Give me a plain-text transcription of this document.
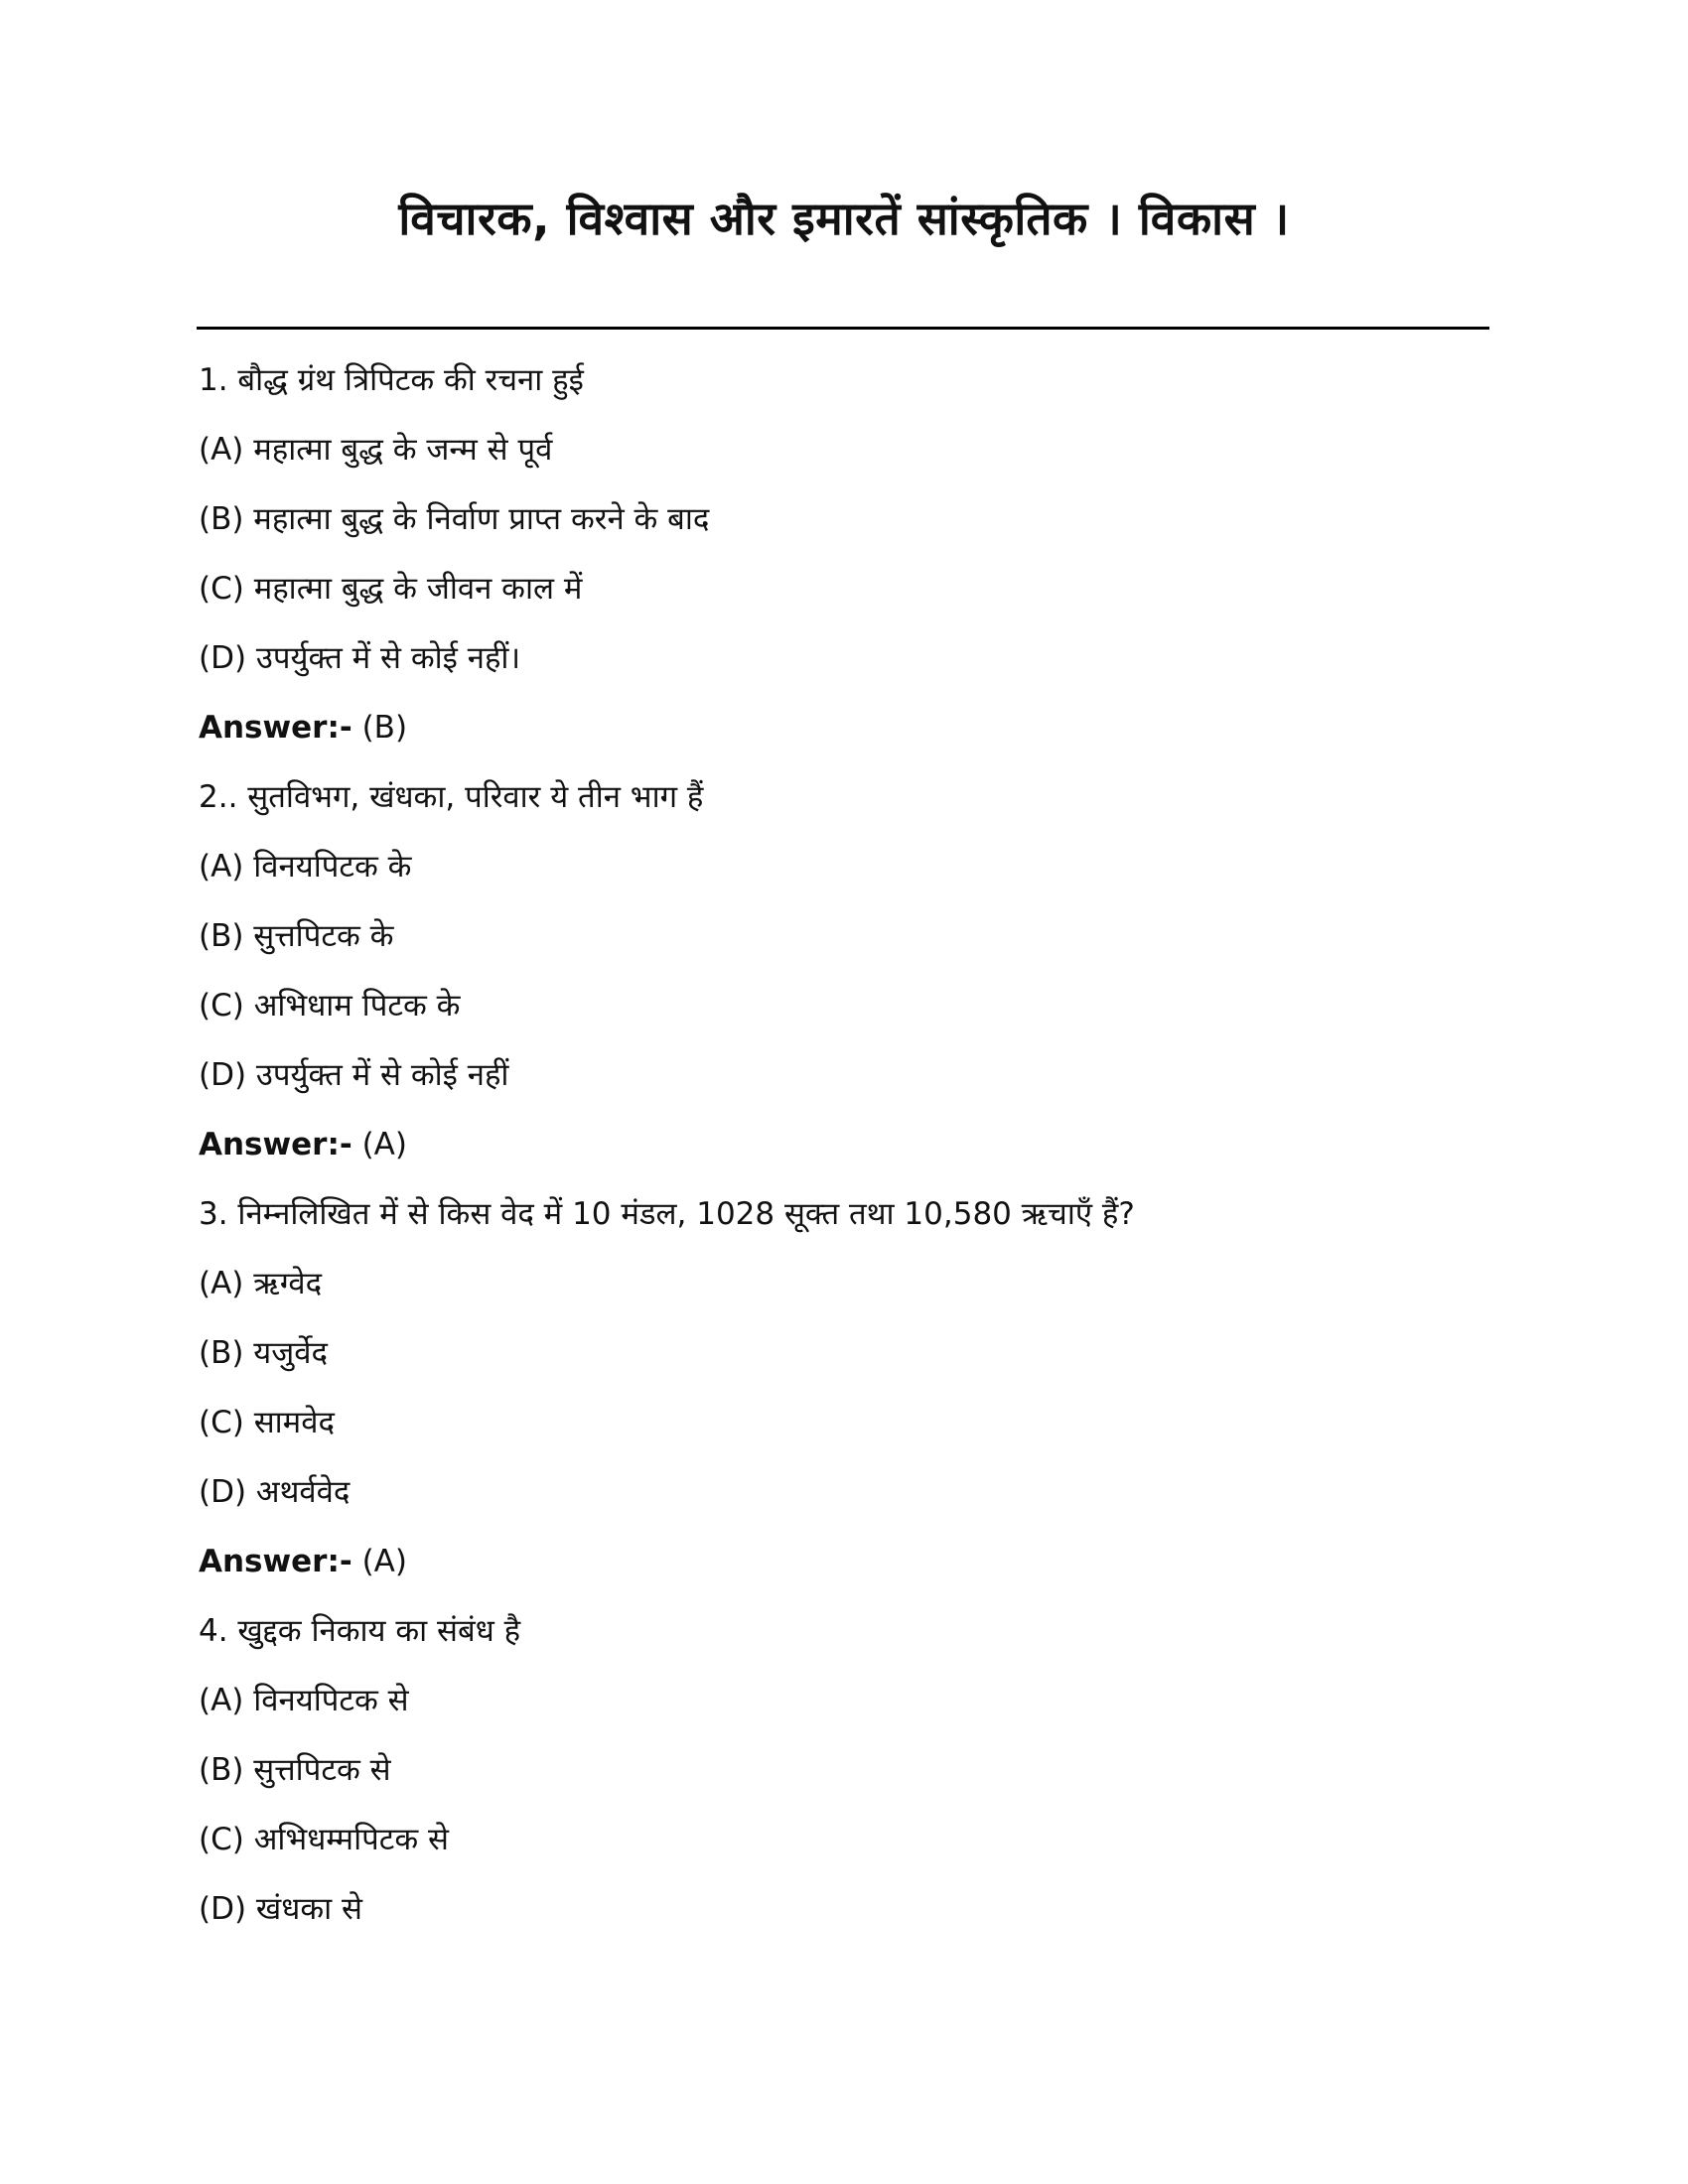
विचारक, विश्वास और इमारतें सांस्कृतिक । विकास ।
1. बौद्ध ग्रंथ त्रिपिटक की रचना हुई
(A) महात्मा बुद्ध के जन्म से पूर्व
(B) महात्मा बुद्ध के निर्वाण प्राप्त करने के बाद
(C) महात्मा बुद्ध के जीवन काल में
(D) उपर्युक्त में से कोई नहीं।
Answer:- (B)
2.. सुतविभग, खंधका, परिवार ये तीन भाग हैं
(A) विनयपिटक के
(B) सुत्तपिटक के
(C) अभिधाम पिटक के
(D) उपर्युक्त में से कोई नहीं
Answer:- (A)
3. निम्नलिखित में से किस वेद में 10 मंडल, 1028 सूक्त तथा 10,580 ऋचाएँ हैं?
(A) ऋग्वेद
(B) यजुर्वेद
(C) सामवेद
(D) अथर्ववेद
Answer:- (A)
4. खुद्दक निकाय का संबंध है
(A) विनयपिटक से
(B) सुत्तपिटक से
(C) अभिधम्मपिटक से
(D) खंधका से
